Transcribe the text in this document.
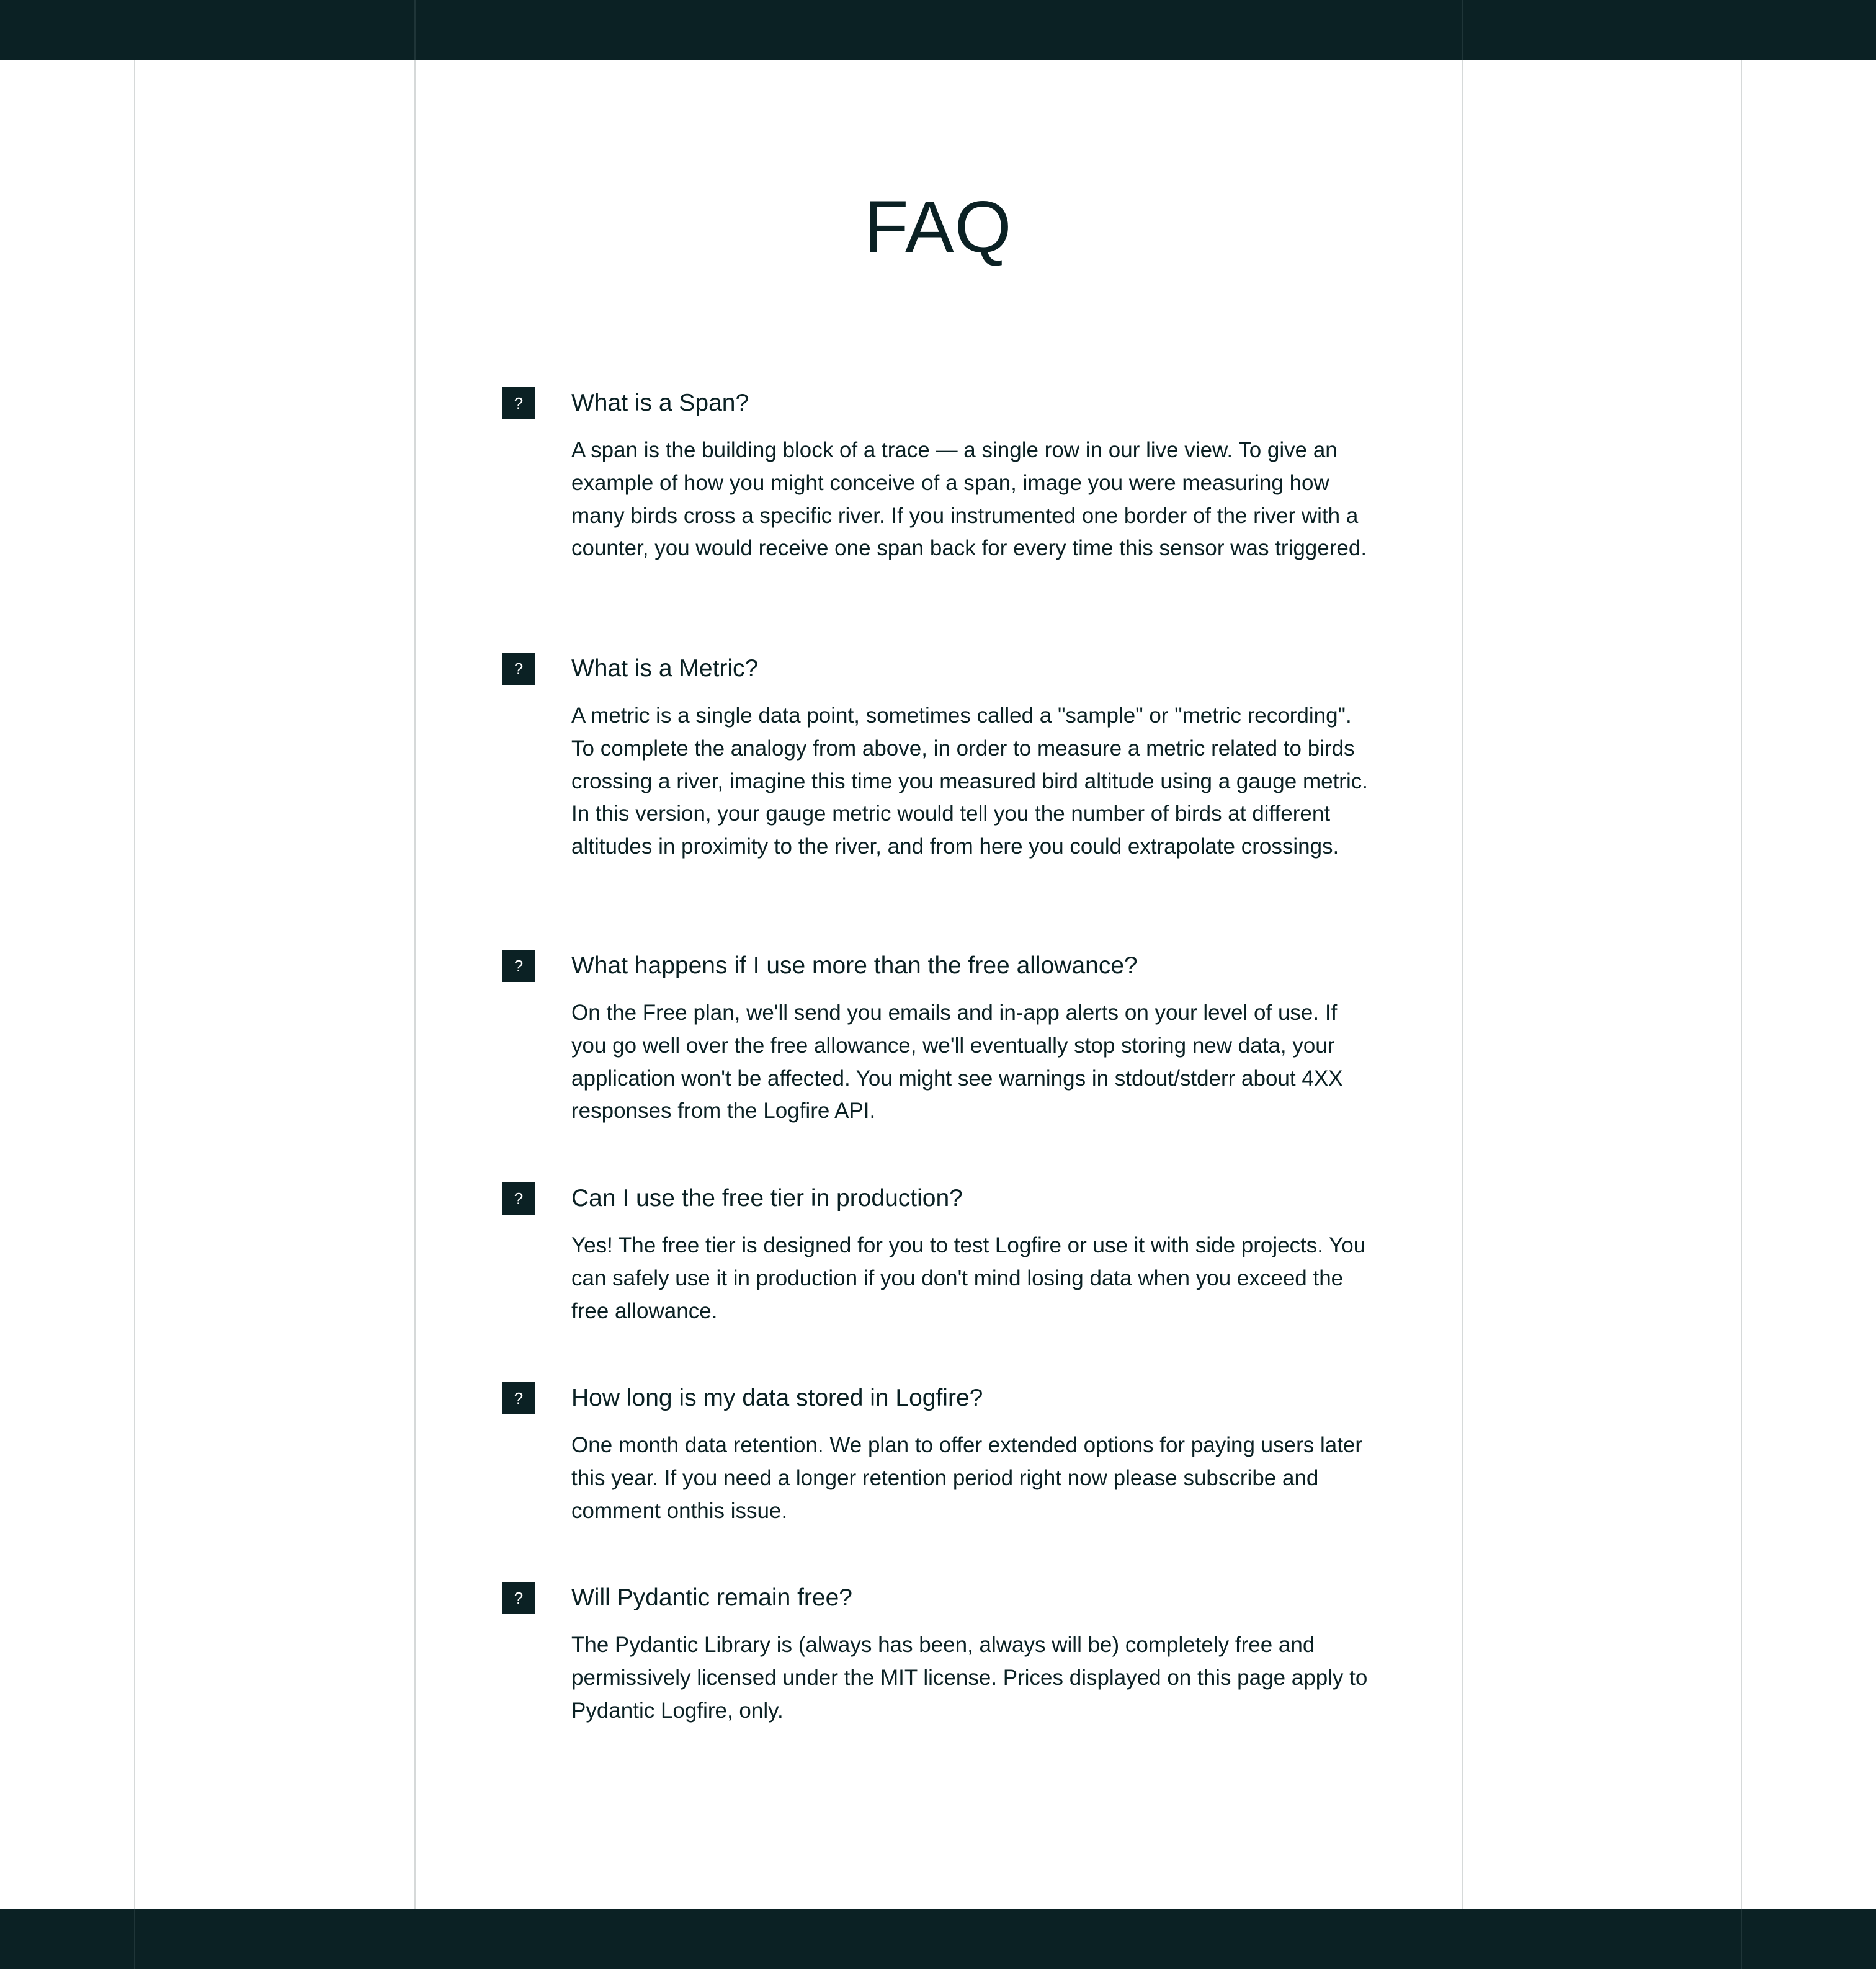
FAQ
?	What is a Span?

A span is the building block of a trace — a single row in our live view. To give an example of how you might conceive of a span, image you were measuring how many birds cross a specific river. If you instrumented one border of the river with a counter, you would receive one span back for every time this sensor was triggered.

?	What is a Metric?

A metric is a single data point, sometimes called a "sample" or "metric recording". To complete the analogy from above, in order to measure a metric related to birds crossing a river, imagine this time you measured bird altitude using a gauge metric. In this version, your gauge metric would tell you the number of birds at different altitudes in proximity to the river, and from here you could extrapolate crossings.

?	What happens if I use more than the free allowance?

On the Free plan, we'll send you emails and in-app alerts on your level of use. If you go well over the free allowance, we'll eventually stop storing new data, your application won't be affected. You might see warnings in stdout/stderr about 4XX responses from the Logfire API.

?	Can I use the free tier in production?

Yes! The free tier is designed for you to test Logfire or use it with side projects. You can safely use it in production if you don't mind losing data when you exceed the free allowance.

?	How long is my data stored in Logfire?

One month data retention. We plan to offer extended options for paying users later this year. If you need a longer retention period right now please subscribe and comment onthis issue.

?	Will Pydantic remain free?

The Pydantic Library is (always has been, always will be) completely free and permissively licensed under the MIT license. Prices displayed on this page apply to Pydantic Logfire, only.
